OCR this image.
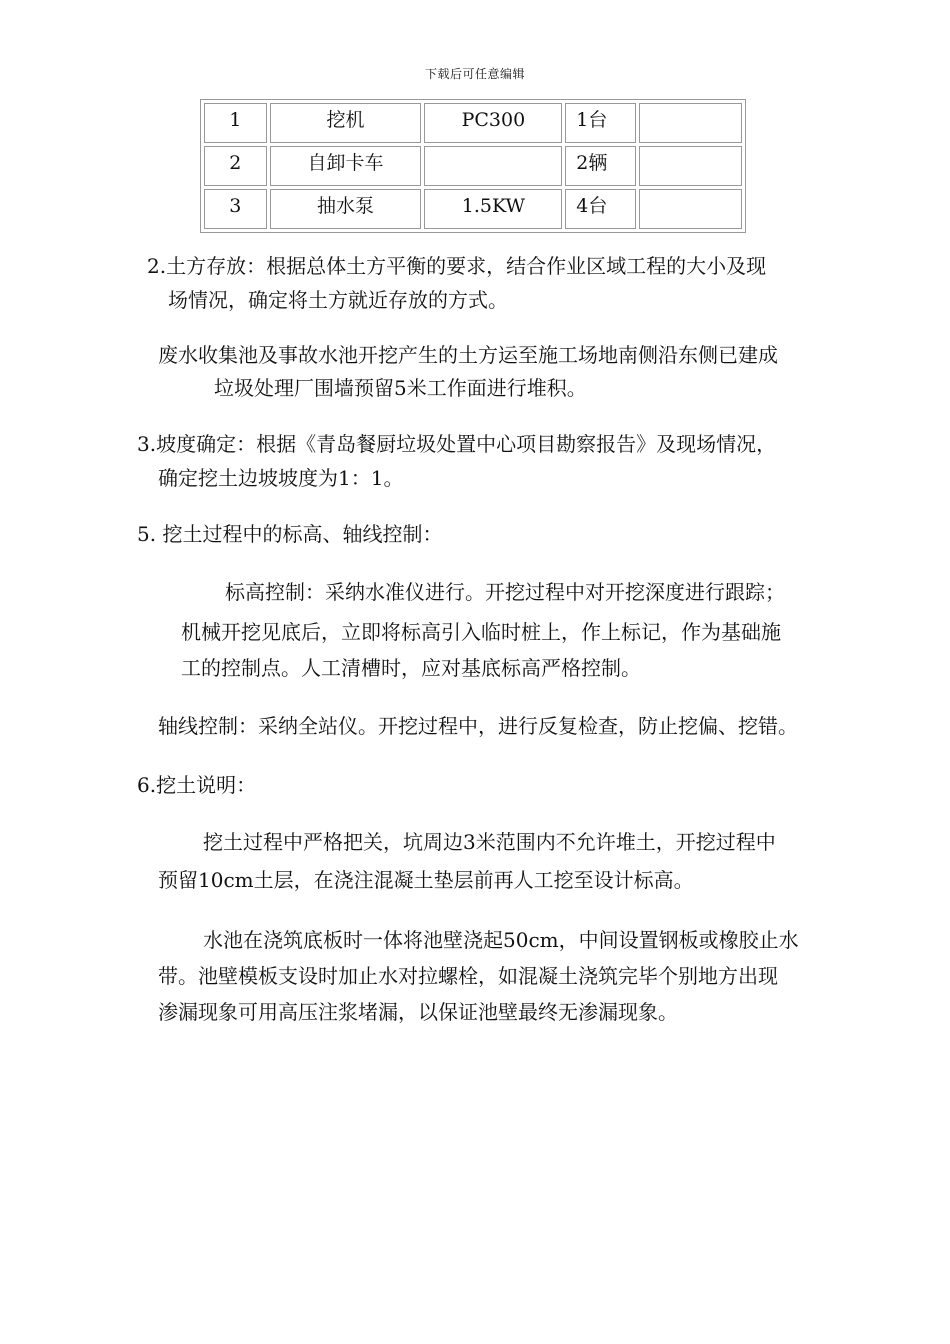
下载后可任意编辑
1	挖机	PC300	1台	
2	自卸卡车		2辆	
3	抽水泵	1.5KW	4台	
2.土方存放：根据总体土方平衡的要求，结合作业区域工程的大小及现
场情况，确定将土方就近存放的方式。
废水收集池及事故水池开挖产生的土方运至施工场地南侧沿东侧已建成
垃圾处理厂围墙预留5米工作面进行堆积。
3.坡度确定：根据《青岛餐厨垃圾处置中心项目勘察报告》及现场情况，
确定挖土边坡坡度为1：1。
5. 挖土过程中的标高、轴线控制：
标高控制：采纳水准仪进行。开挖过程中对开挖深度进行跟踪；
机械开挖见底后，立即将标高引入临时桩上，作上标记，作为基础施
工的控制点。人工清槽时，应对基底标高严格控制。
轴线控制：采纳全站仪。开挖过程中，进行反复检查，防止挖偏、挖错。
6.挖土说明：
挖土过程中严格把关，坑周边3米范围内不允许堆土，开挖过程中
预留10cm土层，在浇注混凝土垫层前再人工挖至设计标高。
水池在浇筑底板时一体将池壁浇起50cm，中间设置钢板或橡胶止水
带。池壁模板支设时加止水对拉螺栓，如混凝土浇筑完毕个别地方出现
渗漏现象可用高压注浆堵漏，以保证池壁最终无渗漏现象。
